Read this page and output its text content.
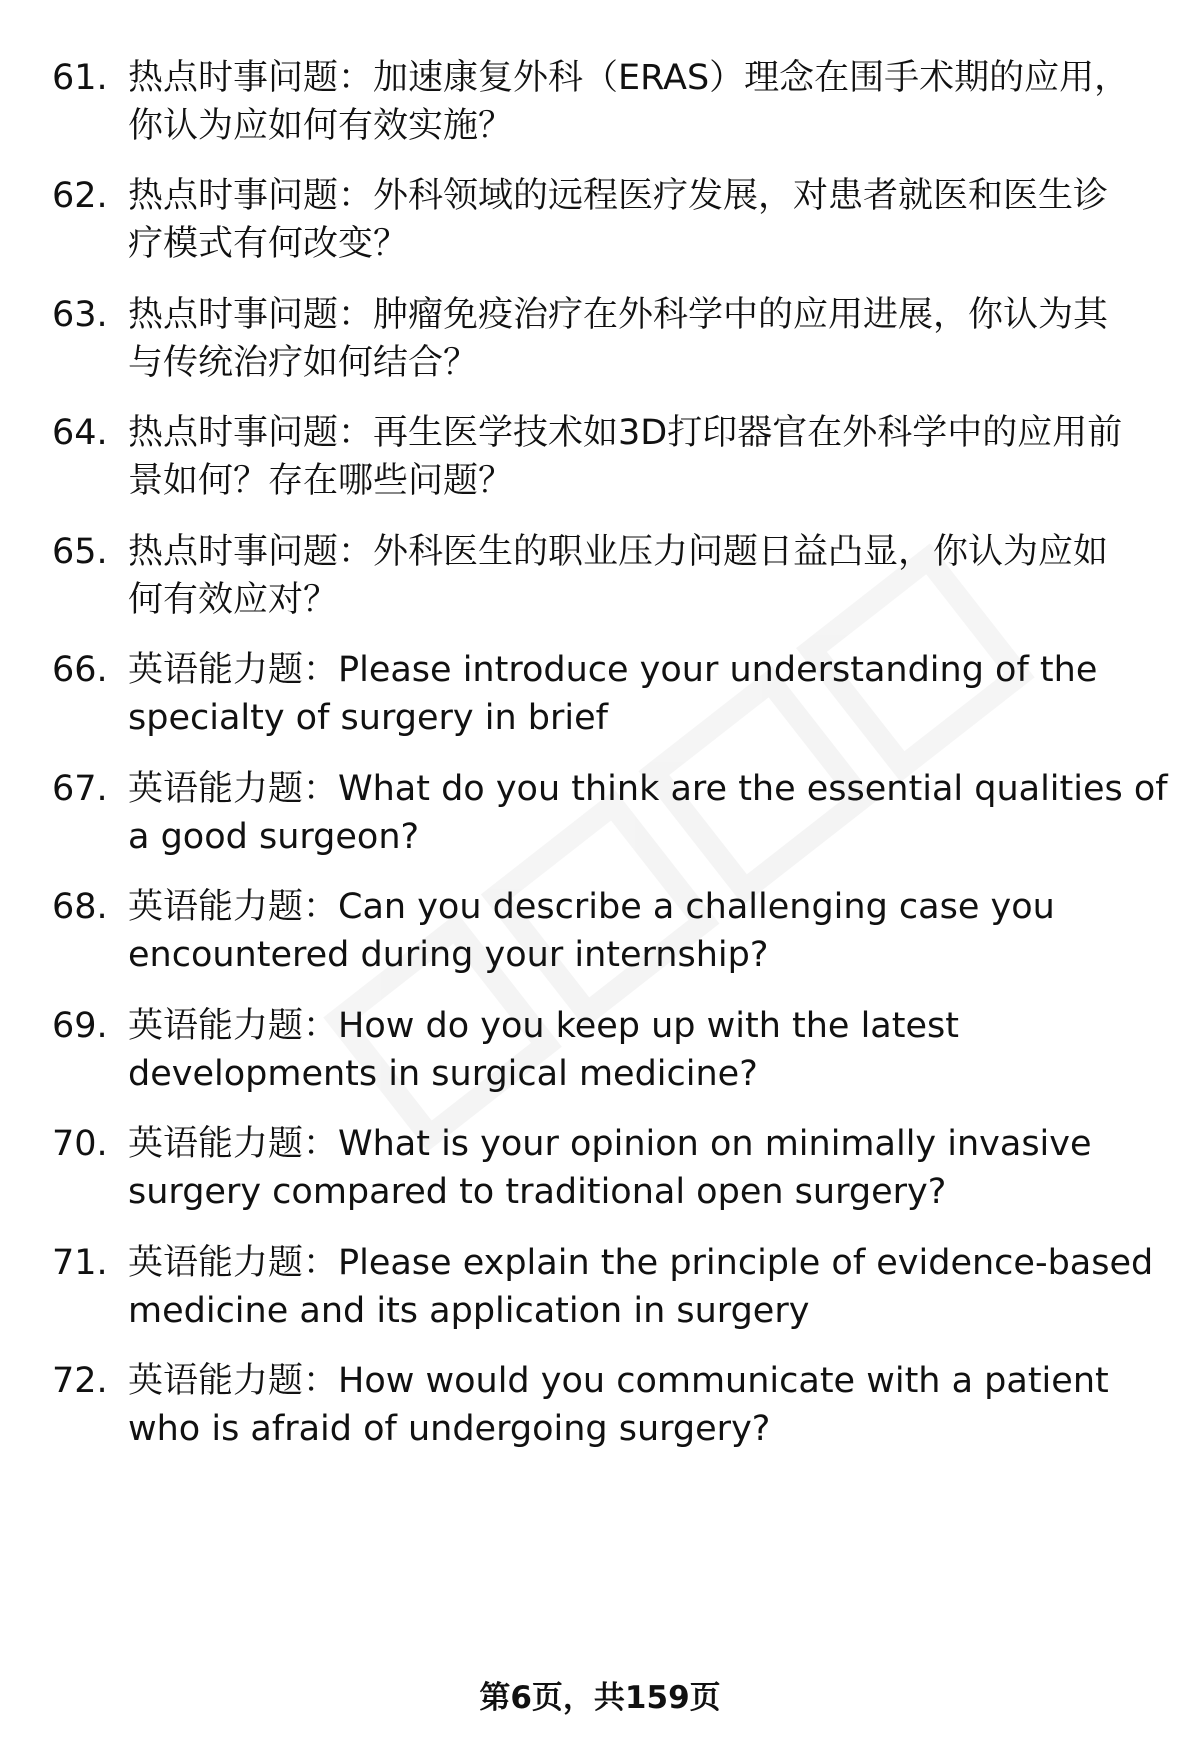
61. 热点时事问题：加速康复外科（ERAS）理念在围手术期的应用，
你认为应如何有效实施？
62. 热点时事问题：外科领域的远程医疗发展，对患者就医和医生诊
疗模式有何改变？
63. 热点时事问题：肿瘤免疫治疗在外科学中的应用进展，你认为其
与传统治疗如何结合？
64. 热点时事问题：再生医学技术如3D打印器官在外科学中的应用前
景如何？存在哪些问题？
65. 热点时事问题：外科医生的职业压力问题日益凸显，你认为应如
何有效应对？
66. 英语能力题：Please introduce your understanding of the
specialty of surgery in brief
67. 英语能力题：What do you think are the essential qualities of
a good surgeon?
68. 英语能力题：Can you describe a challenging case you
encountered during your internship?
69. 英语能力题：How do you keep up with the latest
developments in surgical medicine?
70. 英语能力题：What is your opinion on minimally invasive
surgery compared to traditional open surgery?
71. 英语能力题：Please explain the principle of evidence-based
medicine and its application in surgery
72. 英语能力题：How would you communicate with a patient
who is afraid of undergoing surgery?
第6页，共159页
